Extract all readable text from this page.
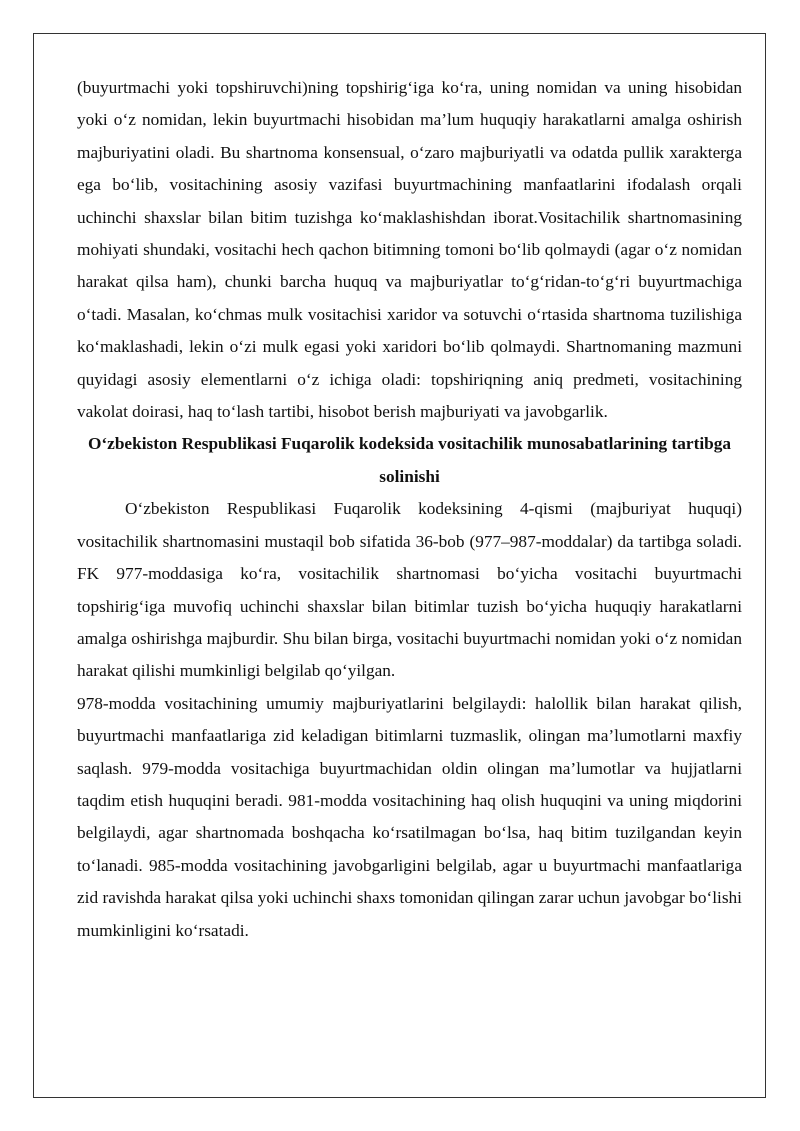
(buyurtmachi yoki topshiruvchi)ning topshirig‘iga ko‘ra, uning nomidan va uning hisobidan yoki o‘z nomidan, lekin buyurtmachi hisobidan ma’lum huquqiy harakatlarni amalga oshirish majburiyatini oladi. Bu shartnoma konsensual, o‘zaro majburiyatli va odatda pullik xarakterga ega bo‘lib, vositachining asosiy vazifasi buyurtmachining manfaatlarini ifodalash orqali uchinchi shaxslar bilan bitim tuzishga ko‘maklashishdan iborat.Vositachilik shartnomasining mohiyati shundaki, vositachi hech qachon bitimning tomoni bo‘lib qolmaydi (agar o‘z nomidan harakat qilsa ham), chunki barcha huquq va majburiyatlar to‘g‘ridan-to‘g‘ri buyurtmachiga o‘tadi. Masalan, ko‘chmas mulk vositachisi xaridor va sotuvchi o‘rtasida shartnoma tuzilishiga ko‘maklashadi, lekin o‘zi mulk egasi yoki xaridori bo‘lib qolmaydi. Shartnomaning mazmuni quyidagi asosiy elementlarni o‘z ichiga oladi: topshiriqning aniq predmeti, vositachining vakolat doirasi, haq to‘lash tartibi, hisobot berish majburiyati va javobgarlik.

O‘zbekiston Respublikasi Fuqarolik kodeksida vositachilik munosabatlarining tartibga solinishi

O‘zbekiston Respublikasi Fuqarolik kodeksining 4-qismi (majburiyat huquqi) vositachilik shartnomasini mustaqil bob sifatida 36-bob (977–987-moddalar) da tartibga soladi. FK 977-moddasiga ko‘ra, vositachilik shartnomasi bo‘yicha vositachi buyurtmachi topshirig‘iga muvofiq uchinchi shaxslar bilan bitimlar tuzish bo‘yicha huquqiy harakatlarni amalga oshirishga majburdir. Shu bilan birga, vositachi buyurtmachi nomidan yoki o‘z nomidan harakat qilishi mumkinligi belgilab qo‘yilgan.

978-modda vositachining umumiy majburiyatlarini belgilaydi: halollik bilan harakat qilish, buyurtmachi manfaatlariga zid keladigan bitimlarni tuzmaslik, olingan ma’lumotlarni maxfiy saqlash. 979-modda vositachiga buyurtmachidan oldin olingan ma’lumotlar va hujjatlarni taqdim etish huquqini beradi. 981-modda vositachining haq olish huquqini va uning miqdorini belgilaydi, agar shartnomada boshqacha ko‘rsatilmagan bo‘lsa, haq bitim tuzilgandan keyin to‘lanadi. 985-modda vositachining javobgarligini belgilab, agar u buyurtmachi manfaatlariga zid ravishda harakat qilsa yoki uchinchi shaxs tomonidan qilingan zarar uchun javobgar bo‘lishi mumkinligini ko‘rsatadi.
